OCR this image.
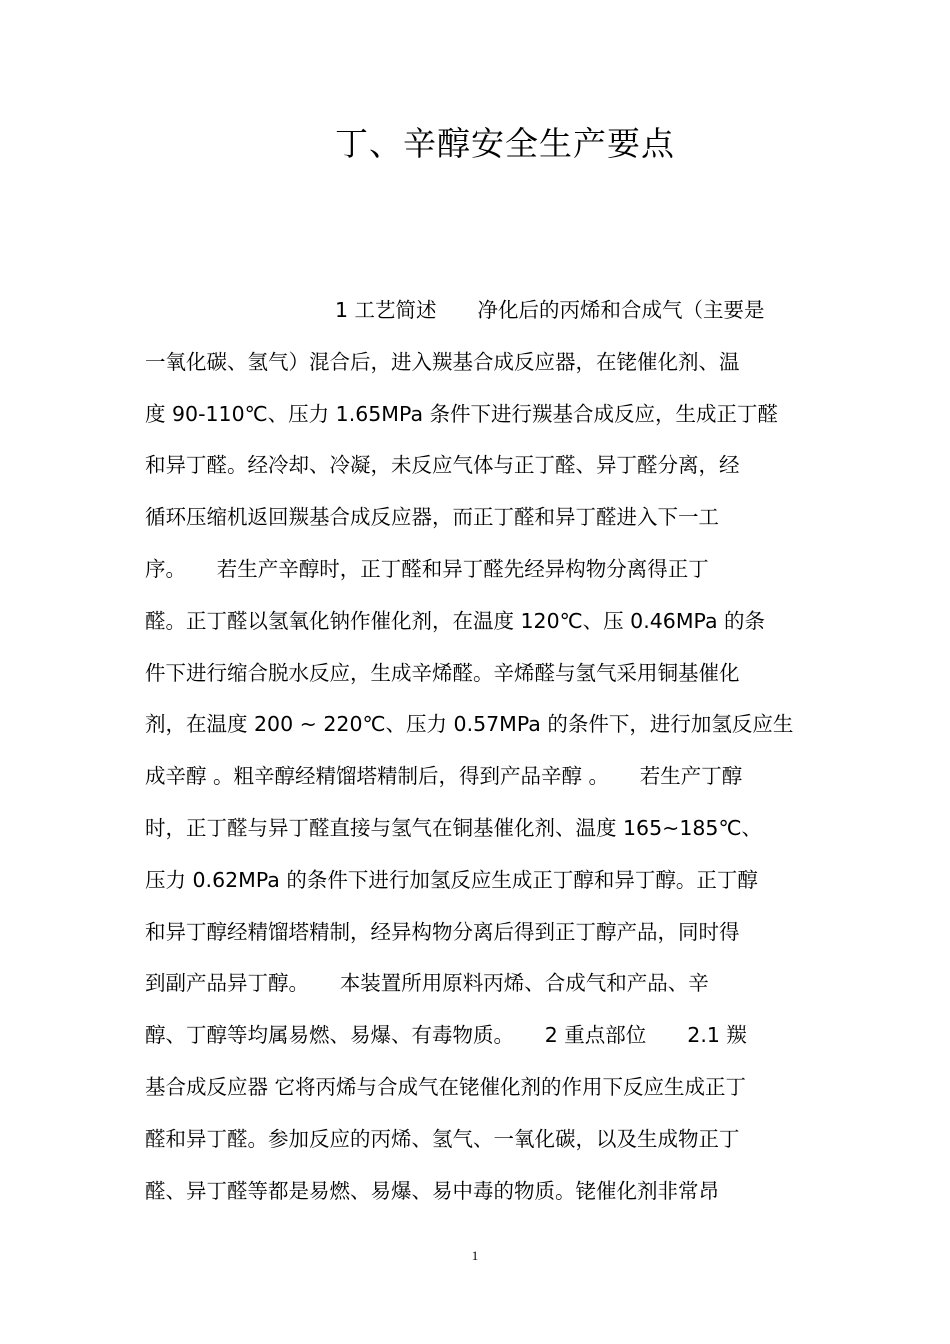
丁、辛醇安全生产要点
1 工艺简述　　净化后的丙烯和合成气（主要是
一氧化碳、氢气）混合后，进入羰基合成反应器，在铑催化剂、温
度 90-110℃、压力 1.65MPa 条件下进行羰基合成反应，生成正丁醛
和异丁醛。经冷却、冷凝，未反应气体与正丁醛、异丁醛分离，经
循环压缩机返回羰基合成反应器，而正丁醛和异丁醛进入下一工
序。　　若生产辛醇时，正丁醛和异丁醛先经异构物分离得正丁
醛。正丁醛以氢氧化钠作催化剂，在温度 120℃、压 0.46MPa 的条
件下进行缩合脱水反应，生成辛烯醛。辛烯醛与氢气采用铜基催化
剂，在温度 200 ~ 220℃、压力 0.57MPa 的条件下，进行加氢反应生
成辛醇 。粗辛醇经精馏塔精制后，得到产品辛醇 。　　若生产丁醇
时，正丁醛与异丁醛直接与氢气在铜基催化剂、温度 165~185℃、
压力 0.62MPa 的条件下进行加氢反应生成正丁醇和异丁醇。正丁醇
和异丁醇经精馏塔精制，经异构物分离后得到正丁醇产品，同时得
到副产品异丁醇。　　本装置所用原料丙烯、合成气和产品、辛
醇、丁醇等均属易燃、易爆、有毒物质。　　2 重点部位　　2.1 羰
基合成反应器 它将丙烯与合成气在铑催化剂的作用下反应生成正丁
醛和异丁醛。参加反应的丙烯、氢气、一氧化碳，以及生成物正丁
醛、异丁醛等都是易燃、易爆、易中毒的物质。铑催化剂非常昂
1
